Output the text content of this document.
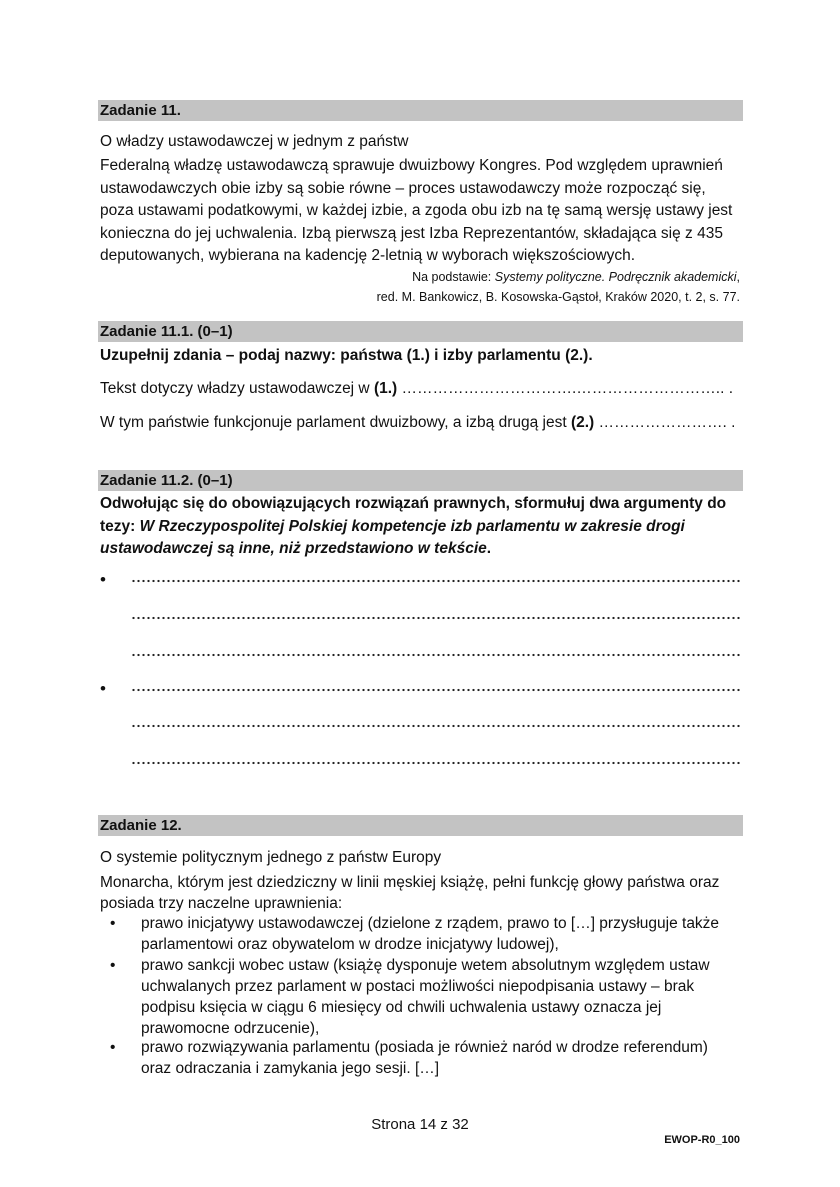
Zadanie 11.
O władzy ustawodawczej w jednym z państw
Federalną władzę ustawodawczą sprawuje dwuizbowy Kongres. Pod względem uprawnień
ustawodawczych obie izby są sobie równe – proces ustawodawczy może rozpocząć się,
poza ustawami podatkowymi, w każdej izbie, a zgoda obu izb na tę samą wersję ustawy jest
konieczna do jej uchwalenia. Izbą pierwszą jest Izba Reprezentantów, składająca się z 435
deputowanych, wybierana na kadencję 2-letnią w wyborach większościowych.
Na podstawie: Systemy polityczne. Podręcznik akademicki,
red. M. Bankowicz, B. Kosowska-Gąstoł, Kraków 2020, t. 2, s. 77.
Zadanie 11.1. (0–1)
Uzupełnij zdania – podaj nazwy: państwa (1.) i izby parlamentu (2.).
Tekst dotyczy władzy ustawodawczej w (1.) …………………………….……………………….. .
W tym państwie funkcjonuje parlament dwuizbowy, a izbą drugą jest (2.) ……………………. .
Zadanie 11.2. (0–1)
Odwołując się do obowiązujących rozwiązań prawnych, sformułuj dwa argumenty do
tezy: W Rzeczypospolitej Polskiej kompetencje izb parlamentu w zakresie drogi
ustawodawczej są inne, niż przedstawiono w tekście.
•
•
Zadanie 12.
O systemie politycznym jednego z państw Europy
Monarcha, którym jest dziedziczny w linii męskiej książę, pełni funkcję głowy państwa oraz
posiada trzy naczelne uprawnienia:
• prawo inicjatywy ustawodawczej (dzielone z rządem, prawo to […] przysługuje także
parlamentowi oraz obywatelom w drodze inicjatywy ludowej),
• prawo sankcji wobec ustaw (książę dysponuje wetem absolutnym względem ustaw
uchwalanych przez parlament w postaci możliwości niepodpisania ustawy – brak
podpisu księcia w ciągu 6 miesięcy od chwili uchwalenia ustawy oznacza jej
prawomocne odrzucenie),
• prawo rozwiązywania parlamentu (posiada je również naród w drodze referendum)
oraz odraczania i zamykania jego sesji. […]
Strona 14 z 32
EWOP-R0_100
